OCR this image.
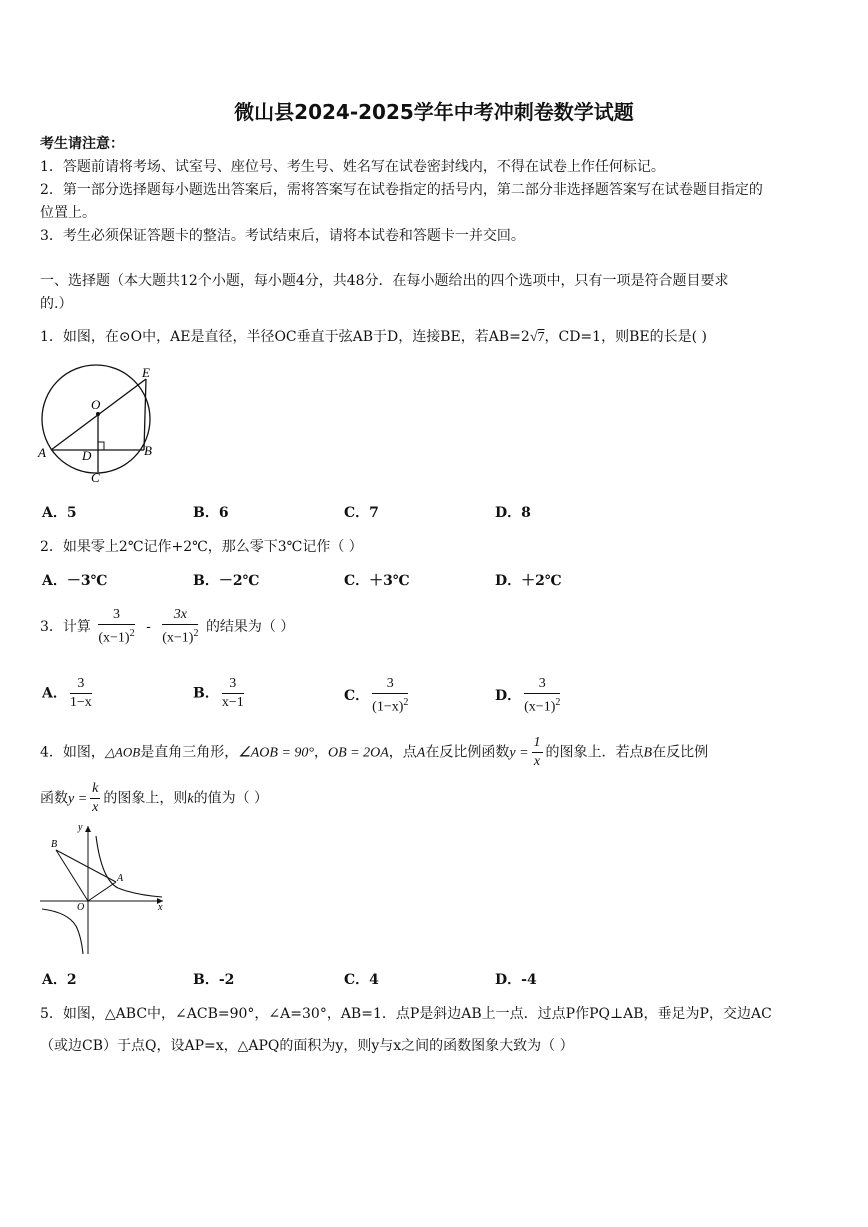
微山县2024-2025学年中考冲刺卷数学试题
考生请注意：
1．答题前请将考场、试室号、座位号、考生号、姓名写在试卷密封线内，不得在试卷上作任何标记。
2．第一部分选择题每小题选出答案后，需将答案写在试卷指定的括号内，第二部分非选择题答案写在试卷题目指定的
位置上。
3．考生必须保证答题卡的整洁。考试结束后，请将本试卷和答题卡一并交回。
一、选择题（本大题共12个小题，每小题4分，共48分．在每小题给出的四个选项中，只有一项是符合题目要求
的.）
1．如图，在⊙O中，AE是直径，半径OC垂直于弦AB于D，连接BE，若AB=2√7，CD=1，则BE的长是( )
E
O
A	D	B
C
A．5	B．6	C．7	D．8
2．如果零上2℃记作+2℃，那么零下3℃记作（ ）
A．－3℃	B．－2℃	C．＋3℃	D．＋2℃
3．计算 $\frac{3}{(x-1)^2} - \frac{3x}{(x-1)^2}$ 的结果为（ ）
A． $\frac{3}{1-x}$	B． $\frac{3}{x-1}$	C． $\frac{3}{(1-x)^2}$	D． $\frac{3}{(x-1)^2}$
4．如图，△AOB是直角三角形，∠AOB = 90°，OB = 2OA，点A在反比例函数$y = \frac{1}{x}$ 的图象上．若点B在反比例
函数$y = \frac{k}{x}$ 的图象上，则k的值为（ ）
y
B
A
O	x
A．2	B．-2	C．4	D．-4
5．如图，△ABC中，∠ACB=90°，∠A=30°，AB=1．点P是斜边AB上一点．过点P作PQ⊥AB，垂足为P，交边AC
（或边CB）于点Q，设AP=x，△APQ的面积为y，则y与x之间的函数图象大致为（ ）
